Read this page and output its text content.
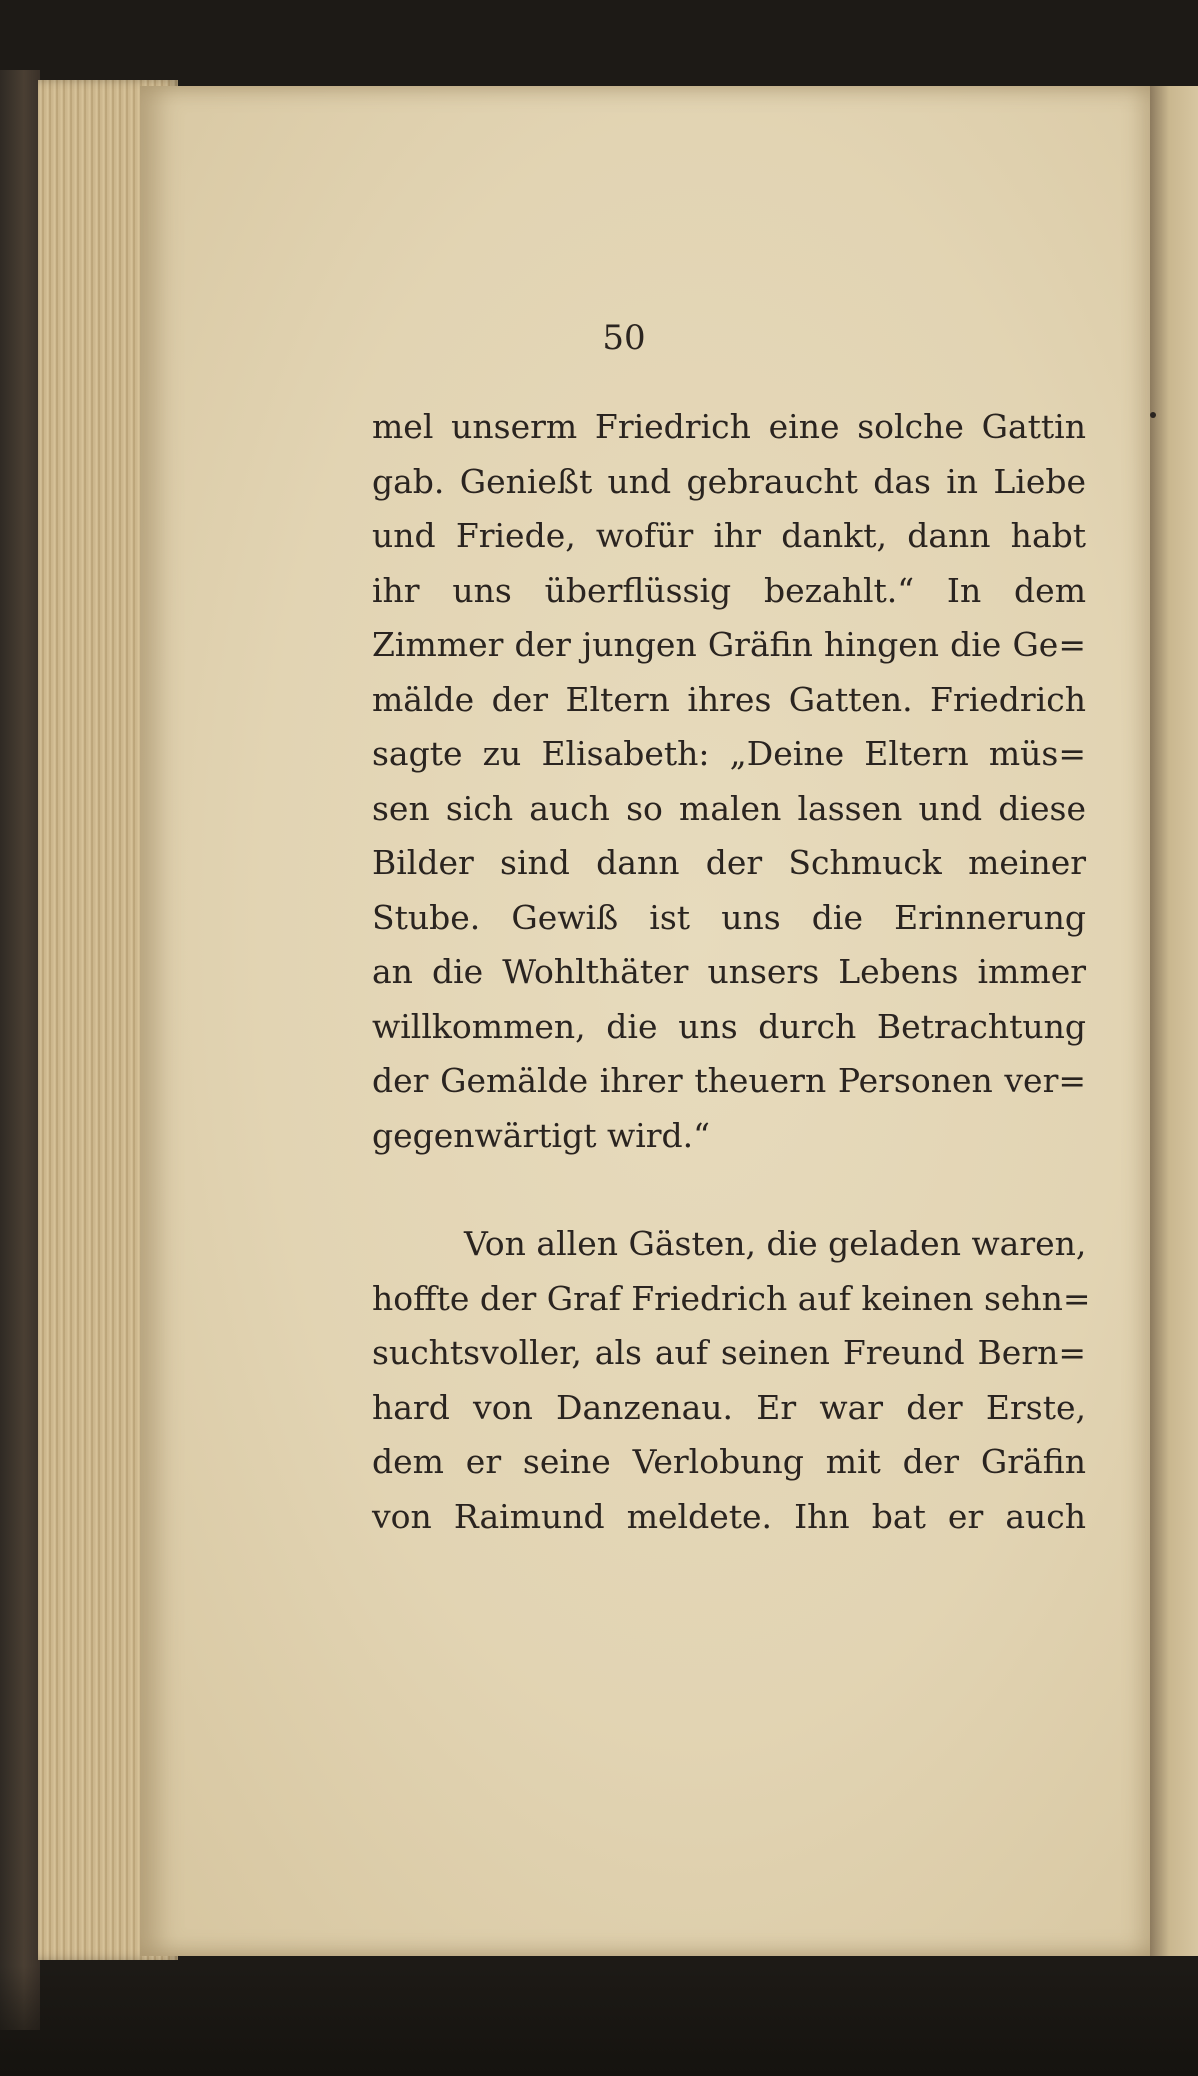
50
mel unserm Friedrich eine solche Gattin
gab. Genießt und gebraucht das in Liebe
und Friede, wofür ihr dankt, dann habt
ihr uns überflüssig bezahlt.“ In dem
Zimmer der jungen Gräfin hingen die Ge=
mälde der Eltern ihres Gatten. Friedrich
sagte zu Elisabeth: „Deine Eltern müs=
sen sich auch so malen lassen und diese
Bilder sind dann der Schmuck meiner
Stube. Gewiß ist uns die Erinnerung
an die Wohlthäter unsers Lebens immer
willkommen, die uns durch Betrachtung
der Gemälde ihrer theuern Personen ver=
gegenwärtigt wird.“
Von allen Gästen, die geladen waren,
hoffte der Graf Friedrich auf keinen sehn=
suchtsvoller, als auf seinen Freund Bern=
hard von Danzenau. Er war der Erste,
dem er seine Verlobung mit der Gräfin
von Raimund meldete. Ihn bat er auch
